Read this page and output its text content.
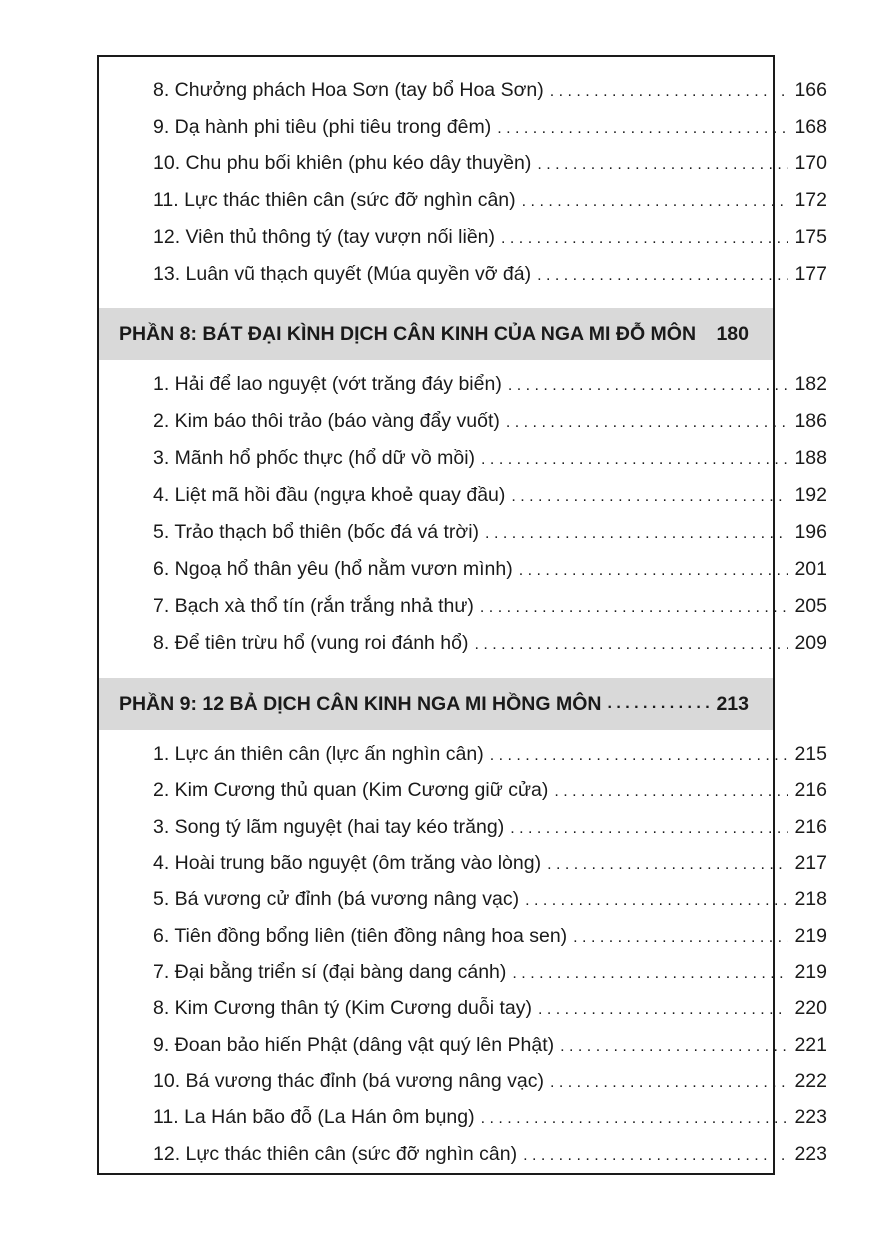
8. Chưởng phách Hoa Sơn (tay bổ Hoa Sơn) . . .	166
9. Dạ hành phi tiêu (phi tiêu trong đêm) . . .	168
10. Chu phu bối khiên (phu kéo dây thuyền) . . .	170
11. Lực thác thiên cân (sức đỡ nghìn cân) . . .	172
12. Viên thủ thông tý (tay vượn nối liền) . . .	175
13. Luân vũ thạch quyết (Múa quyền vỡ đá) . . .	177
PHẦN 8: BÁT ĐẠI KÌNH DỊCH CÂN KINH CỦA NGA MI ĐỖ MÔN 180
1. Hải để lao nguyệt (vớt trăng đáy biển) . . .	182
2. Kim báo thôi trảo (báo vàng đẩy vuốt) . . .	186
3. Mãnh hổ phốc thực (hổ dữ vồ mồi) . . .	188
4. Liệt mã hồi đầu (ngựa khoẻ quay đầu) . . .	192
5. Trảo thạch bổ thiên (bốc đá vá trời) . . .	196
6. Ngoạ hổ thân yêu (hổ nằm vươn mình) . . .	201
7. Bạch xà thổ tín (rắn trắng nhả thư) . . .	205
8. Để tiên trừu hổ (vung roi đánh hổ) . . .	209
PHẦN 9: 12 BẢ DỊCH CÂN KINH NGA MI HỒNG MÔN . . .	213
1. Lực án thiên cân (lực ấn nghìn cân) . . .	215
2. Kim Cương thủ quan (Kim Cương giữ cửa) . . .	216
3. Song tý lãm nguyệt (hai tay kéo trăng) . . .	216
4. Hoài trung bão nguyệt (ôm trăng vào lòng) . . .	217
5. Bá vương cử đỉnh (bá vương nâng vạc) . . .	218
6. Tiên đồng bổng liên (tiên đồng nâng hoa sen) . . .	219
7. Đại bằng triển sí (đại bàng dang cánh) . . .	219
8. Kim Cương thân tý (Kim Cương duỗi tay) . . .	220
9. Đoan bảo hiến Phật (dâng vật quý lên Phật) . . .	221
10. Bá vương thác đỉnh (bá vương nâng vạc) . . .	222
11. La Hán bão đỗ (La Hán ôm bụng) . . .	223
12. Lực thác thiên cân (sức đỡ nghìn cân) . . .	223
